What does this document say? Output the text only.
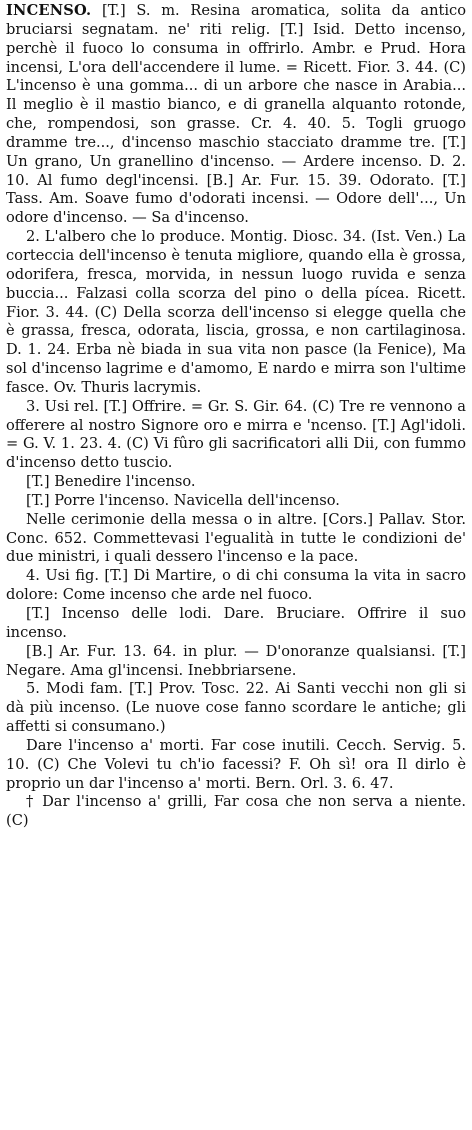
INCENSO. [T.] S. m. Resina aromatica, solita da antico bruciarsi segnatam. ne' riti relig. [T.] Isid. Detto incenso, perchè il fuoco lo consuma in offrirlo. Ambr. e Prud. Hora incensi, L'ora dell'accendere il lume. = Ricett. Fior. 3. 44. (C) L'incenso è una gomma... di un arbore che nasce in Arabia... Il meglio è il mastio bianco, e di granella alquanto rotonde, che, rompendosi, son grasse. Cr. 4. 40. 5. Togli gruogo dramme tre..., d'incenso maschio stacciato dramme tre. [T.] Un grano, Un granellino d'incenso. — Ardere incenso. D. 2. 10. Al fumo degl'incensi. [B.] Ar. Fur. 15. 39. Odorato. [T.] Tass. Am. Soave fumo d'odorati incensi. — Odore dell'..., Un odore d'incenso. — Sa d'incenso.

2. L'albero che lo produce. Montig. Diosc. 34. (Ist. Ven.) La corteccia dell'incenso è tenuta migliore, quando ella è grossa, odorifera, fresca, morvida, in nessun luogo ruvida e senza buccia... Falzasi colla scorza del pino o della pícea. Ricett. Fior. 3. 44. (C) Della scorza dell'incenso si elegge quella che è grassa, fresca, odorata, liscia, grossa, e non cartilaginosa. D. 1. 24. Erba nè biada in sua vita non pasce (la Fenice), Ma sol d'incenso lagrime e d'amomo, E nardo e mirra son l'ultime fasce. Ov. Thuris lacrymis.

3. Usi rel. [T.] Offrire. = Gr. S. Gir. 64. (C) Tre re vennono a offerere al nostro Signore oro e mirra e 'ncenso. [T.] Agl'idoli. = G. V. 1. 23. 4. (C) Vi fûro gli sacrificatori alli Dii, con fummo d'incenso detto tuscio.

[T.] Benedire l'incenso.

[T.] Porre l'incenso. Navicella dell'incenso.

Nelle cerimonie della messa o in altre. [Cors.] Pallav. Stor. Conc. 652. Commettevasi l'egualità in tutte le condizioni de' due ministri, i quali dessero l'incenso e la pace.

4. Usi fig. [T.] Di Martire, o di chi consuma la vita in sacro dolore: Come incenso che arde nel fuoco.

[T.] Incenso delle lodi. Dare. Bruciare. Offrire il suo incenso.

[B.] Ar. Fur. 13. 64. in plur. — D'onoranze qualsiansi. [T.] Negare. Ama gl'incensi. Inebbriarsene.

5. Modi fam. [T.] Prov. Tosc. 22. Ai Santi vecchi non gli si dà più incenso. (Le nuove cose fanno scordare le antiche; gli affetti si consumano.)

Dare l'incenso a' morti. Far cose inutili. Cecch. Servig. 5. 10. (C) Che Volevi tu ch'io facessi? F. Oh sì! ora Il dirlo è proprio un dar l'incenso a' morti. Bern. Orl. 3. 6. 47.

† Dar l'incenso a' grilli, Far cosa che non serva a niente. (C)
